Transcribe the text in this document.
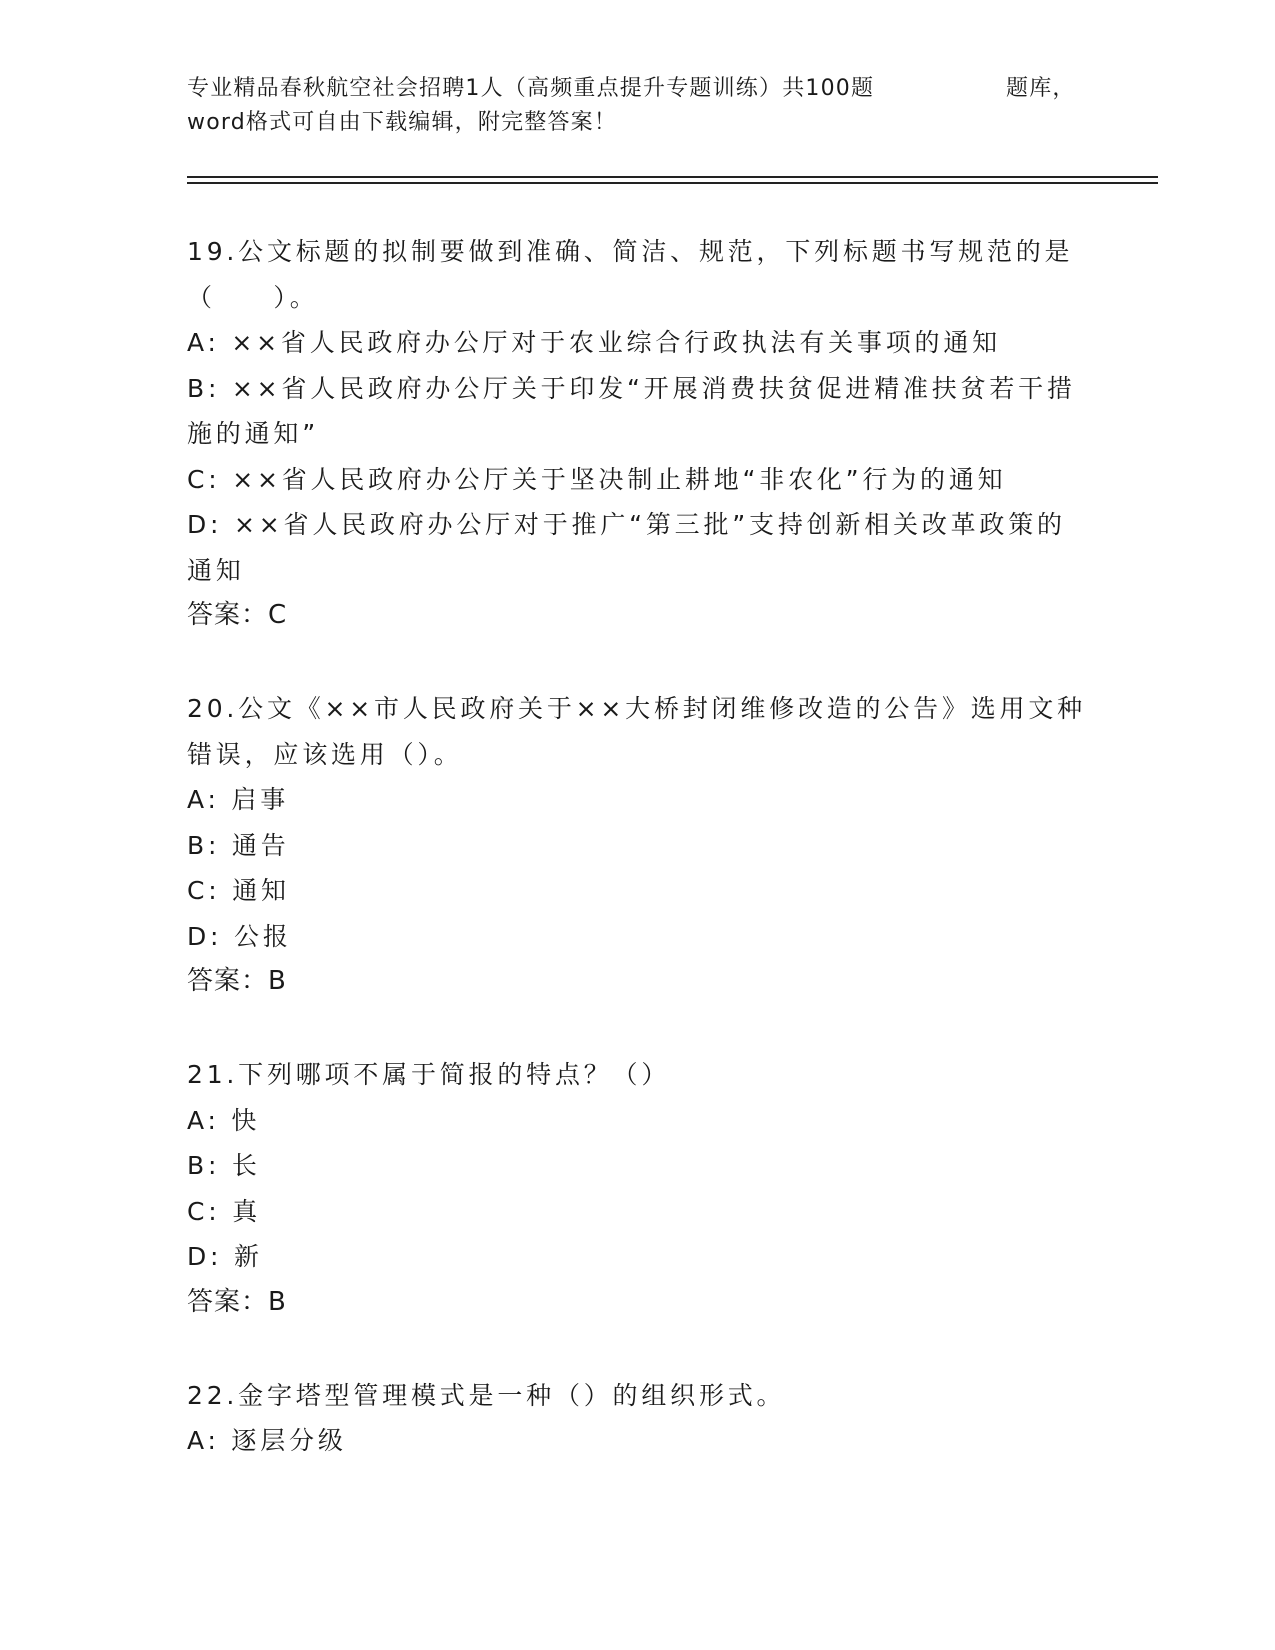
专业精品春秋航空社会招聘1人（高频重点提升专题训练）共100题	题库，
word格式可自由下载编辑，附完整答案！

19.公文标题的拟制要做到准确、简洁、规范，下列标题书写规范的是（　　）。

A: ××省人民政府办公厅对于农业综合行政执法有关事项的通知

B: ××省人民政府办公厅关于印发“开展消费扶贫促进精准扶贫若干措施的通知”

C: ××省人民政府办公厅关于坚决制止耕地“非农化”行为的通知

D: ××省人民政府办公厅对于推广“第三批”支持创新相关改革政策的通知

答案：C

20.公文《××市人民政府关于××大桥封闭维修改造的公告》选用文种错误，应该选用（）。

A: 启事

B: 通告

C: 通知

D: 公报

答案：B

21.下列哪项不属于简报的特点？（）

A: 快

B: 长

C: 真

D: 新

答案：B

22.金字塔型管理模式是一种（）的组织形式。

A: 逐层分级
